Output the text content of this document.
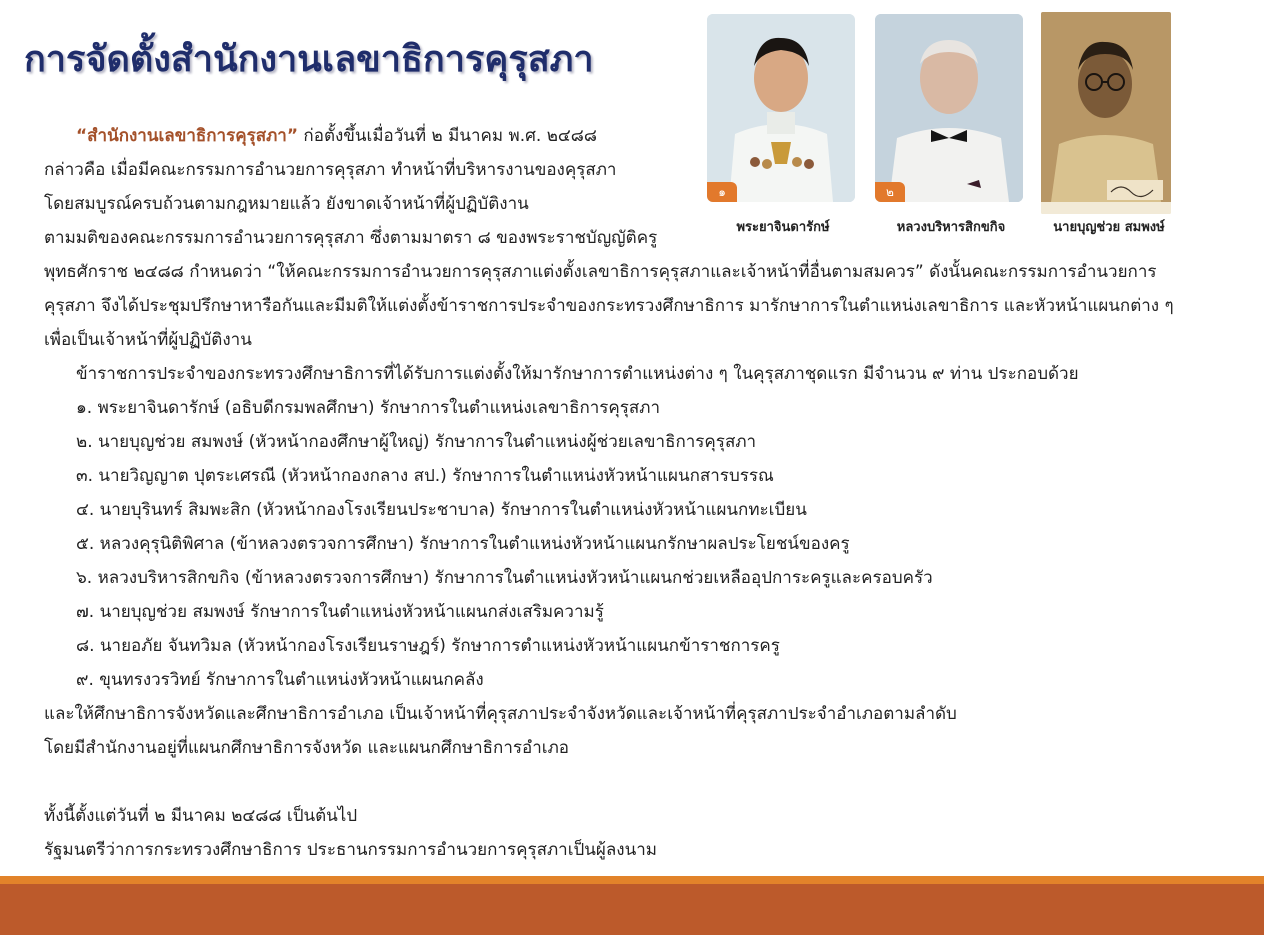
การจัดตั้งสำนักงานเลขาธิการคุรุสภา
๑	๒
พระยาจินดารักษ์	หลวงบริหารสิกขกิจ	นายบุญช่วย สมพงษ์
“สำนักงานเลขาธิการคุรุสภา” ก่อตั้งขึ้นเมื่อวันที่ ๒ มีนาคม พ.ศ. ๒๔๘๘
กล่าวคือ เมื่อมีคณะกรรมการอำนวยการคุรุสภา ทำหน้าที่บริหารงานของคุรุสภา
โดยสมบูรณ์ครบถ้วนตามกฎหมายแล้ว ยังขาดเจ้าหน้าที่ผู้ปฏิบัติงาน
ตามมติของคณะกรรมการอำนวยการคุรุสภา ซึ่งตามมาตรา ๘ ของพระราชบัญญัติครู
พุทธศักราช ๒๔๘๘ กำหนดว่า “ให้คณะกรรมการอำนวยการคุรุสภาแต่งตั้งเลขาธิการคุรุสภาและเจ้าหน้าที่อื่นตามสมควร” ดังนั้นคณะกรรมการอำนวยการ
คุรุสภา จึงได้ประชุมปรึกษาหารือกันและมีมติให้แต่งตั้งข้าราชการประจำของกระทรวงศึกษาธิการ มารักษาการในตำแหน่งเลขาธิการ และหัวหน้าแผนกต่าง ๆ
เพื่อเป็นเจ้าหน้าที่ผู้ปฏิบัติงาน
ข้าราชการประจำของกระทรวงศึกษาธิการที่ได้รับการแต่งตั้งให้มารักษาการตำแหน่งต่าง ๆ ในคุรุสภาชุดแรก มีจำนวน ๙ ท่าน ประกอบด้วย
๑. พระยาจินดารักษ์ (อธิบดีกรมพลศึกษา) รักษาการในตำแหน่งเลขาธิการคุรุสภา
๒. นายบุญช่วย สมพงษ์ (หัวหน้ากองศึกษาผู้ใหญ่) รักษาการในตำแหน่งผู้ช่วยเลขาธิการคุรุสภา
๓. นายวิญญาต ปุตระเศรณี (หัวหน้ากองกลาง สป.) รักษาการในตำแหน่งหัวหน้าแผนกสารบรรณ
๔. นายบุรินทร์ สิมพะสิก (หัวหน้ากองโรงเรียนประชาบาล) รักษาการในตำแหน่งหัวหน้าแผนกทะเบียน
๕. หลวงคุรุนิติพิศาล (ข้าหลวงตรวจการศึกษา) รักษาการในตำแหน่งหัวหน้าแผนกรักษาผลประโยชน์ของครู
๖. หลวงบริหารสิกขกิจ (ข้าหลวงตรวจการศึกษา) รักษาการในตำแหน่งหัวหน้าแผนกช่วยเหลืออุปการะครูและครอบครัว
๗. นายบุญช่วย สมพงษ์ รักษาการในตำแหน่งหัวหน้าแผนกส่งเสริมความรู้
๘. นายอภัย จันทวิมล (หัวหน้ากองโรงเรียนราษฎร์) รักษาการตำแหน่งหัวหน้าแผนกข้าราชการครู
๙. ขุนทรงวรวิทย์ รักษาการในตำแหน่งหัวหน้าแผนกคลัง
และให้ศึกษาธิการจังหวัดและศึกษาธิการอำเภอ เป็นเจ้าหน้าที่คุรุสภาประจำจังหวัดและเจ้าหน้าที่คุรุสภาประจำอำเภอตามลำดับ
โดยมีสำนักงานอยู่ที่แผนกศึกษาธิการจังหวัด และแผนกศึกษาธิการอำเภอ
ทั้งนี้ตั้งแต่วันที่ ๒ มีนาคม ๒๔๘๘ เป็นต้นไป
รัฐมนตรีว่าการกระทรวงศึกษาธิการ ประธานกรรมการอำนวยการคุรุสภาเป็นผู้ลงนาม
